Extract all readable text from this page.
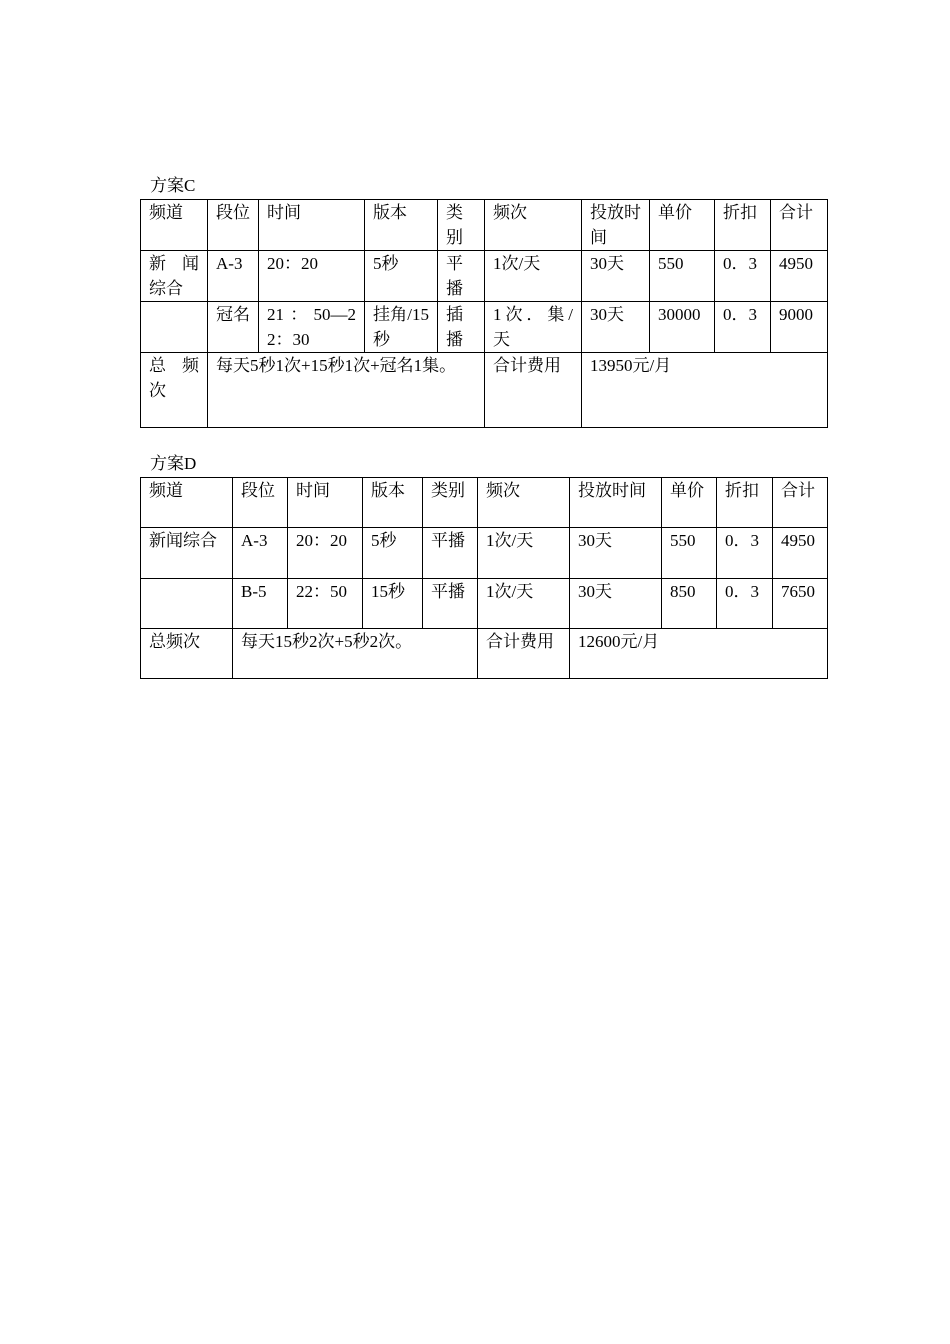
方案C
频道	段位	时间	版本	类别	频次	投放时间	单价	折扣	合计
新闻综合	A-3	20：20	5秒	平播	1次/天	30天	550	0．3	4950
	冠名	21：50—22：30	挂角/15秒	插播	1次．集/天	30天	30000	0．3	9000
总频次	每天5秒1次+15秒1次+冠名1集。				合计费用	13950元/月			
方案D
频道	段位	时间	版本	类别	频次	投放时间	单价	折扣	合计
新闻综合	A-3	20：20	5秒	平播	1次/天	30天	550	0．3	4950
	B-5	22：50	15秒	平播	1次/天	30天	850	0．3	7650
总频次	每天15秒2次+5秒2次。				合计费用	12600元/月			
